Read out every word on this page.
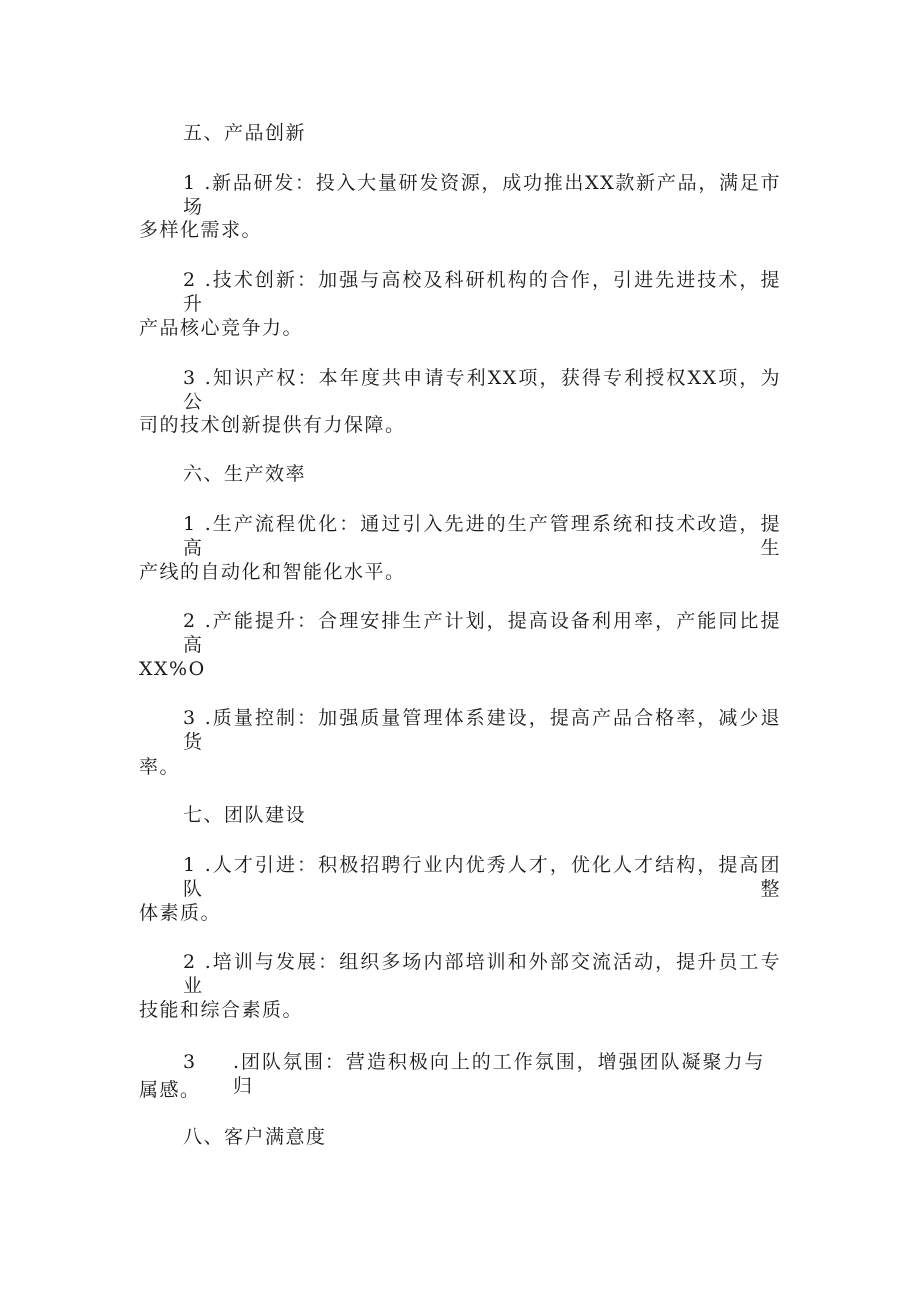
五、产品创新
1 .新品研发：投入大量研发资源，成功推出XX款新产品，满足市场
多样化需求。
2 .技术创新：加强与高校及科研机构的合作，引进先进技术，提升
产品核心竞争力。
3 .知识产权：本年度共申请专利XX项，获得专利授权XX项，为公
司的技术创新提供有力保障。
六、生产效率
1 .生产流程优化：通过引入先进的生产管理系统和技术改造，提高生
产线的自动化和智能化水平。
2 .产能提升：合理安排生产计划，提高设备利用率，产能同比提高
XX%O
3 .质量控制：加强质量管理体系建设，提高产品合格率，减少退货
率。
七、团队建设
1 .人才引进：积极招聘行业内优秀人才，优化人才结构，提高团队整
体素质。
2 .培训与发展：组织多场内部培训和外部交流活动，提升员工专业
技能和综合素质。
3 .团队氛围：营造积极向上的工作氛围，增强团队凝聚力与归
属感。
八、客户满意度
